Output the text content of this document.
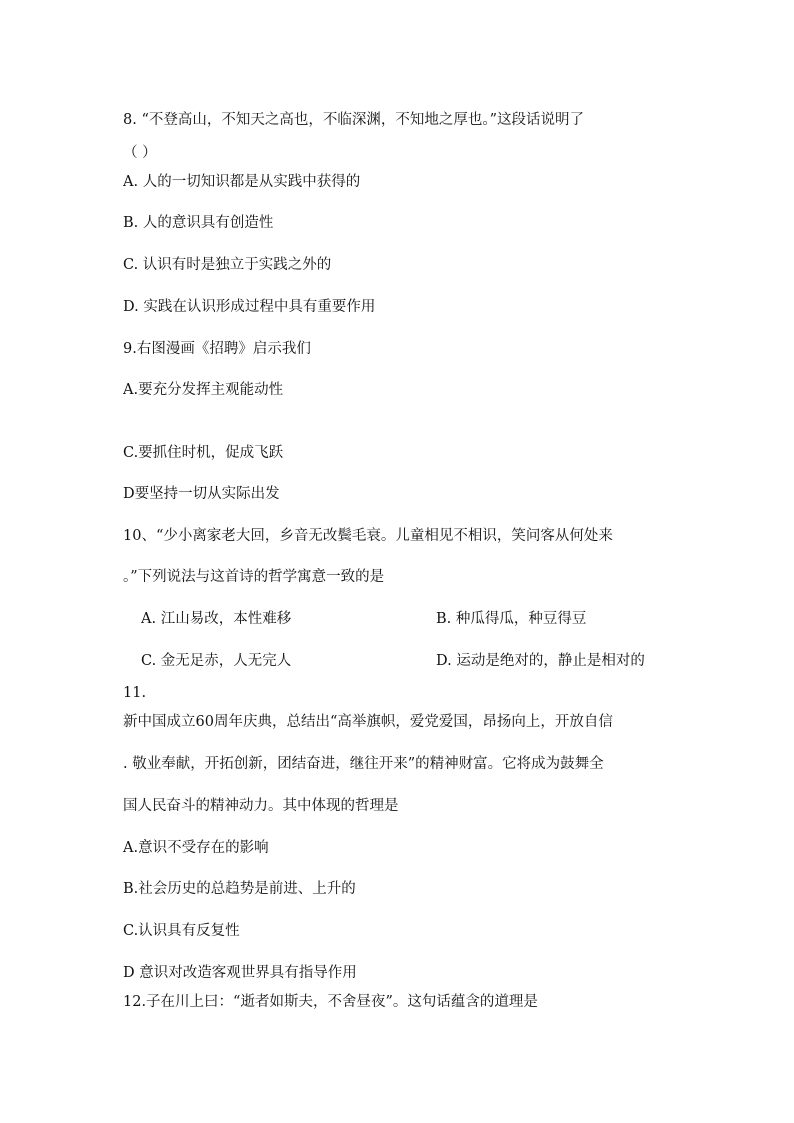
8. “不登高山，不知天之高也，不临深渊，不知地之厚也。”这段话说明了
（ ）
A. 人的一切知识都是从实践中获得的
B. 人的意识具有创造性
C. 认识有时是独立于实践之外的
D. 实践在认识形成过程中具有重要作用
9.右图漫画《招聘》启示我们
A.要充分发挥主观能动性
C.要抓住时机，促成飞跃
D要坚持一切从实际出发
10、“少小离家老大回，乡音无改鬓毛衰。儿童相见不相识，笑问客从何处来
。”下列说法与这首诗的哲学寓意一致的是
A. 江山易改，本性难移	B. 种瓜得瓜，种豆得豆
C. 金无足赤，人无完人	D. 运动是绝对的，静止是相对的
11.
新中国成立60周年庆典，总结出“高举旗帜，爱党爱国，昂扬向上，开放自信
. 敬业奉献，开拓创新，团结奋进，继往开来”的精神财富。它将成为鼓舞全
国人民奋斗的精神动力。其中体现的哲理是
A.意识不受存在的影响
B.社会历史的总趋势是前进、上升的
C.认识具有反复性
D 意识对改造客观世界具有指导作用
12.子在川上曰：“逝者如斯夫，不舍昼夜”。这句话蕴含的道理是
